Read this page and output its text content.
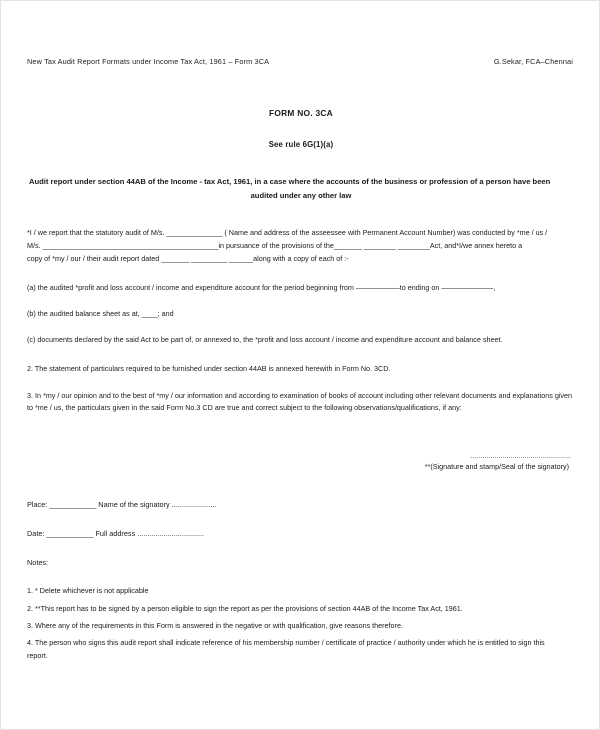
New Tax Audit Report Formats under Income Tax Act, 1961 – Form 3CA	G.Sekar, FCA–Chennai
FORM NO. 3CA
See rule 6G(1)(a)
Audit report under section 44AB of the Income - tax Act, 1961, in a case where the accounts of the business or profession of a person have been
audited under any other law
*I / we report that the statutory audit of M/s. ______________ ( Name and address of the asseessee with Permanent Account Number) was conducted by *me / us /
M/s. ____________________________________________in pursuance of the provisions of the_______ ________ ________Act, and*I/we annex hereto a
copy of *my / our / their audit report dated _______ _________ ______along with a copy of each of :-
(a) the audited *profit and loss account / income and expenditure account for the period beginning from –––––––––––to ending on –––––––––––––,
(b) the audited balance sheet as at, ____; and
(c) documents declared by the said Act to be part of, or annexed to, the *profit and loss account / income and expenditure account and balance sheet.
2. The statement of particulars required to be furnished under section 44AB is annexed herewith in Form No. 3CD.
3. In *my / our opinion and to the best of *my / our information and according to examination of books of account including other relevant documents and explanations given to *me / us, the particulars given in the said Form No.3 CD are true and correct subject to the following observations/qualifications, if any:
..................................................
**(Signature and stamp/Seal of the signatory)
Place: ____________ Name of the signatory ......................
Date: ____________ Full address .................................
Notes:
1. * Delete whichever is not applicable
2. **This report has to be signed by a person eligible to sign the report as per the provisions of section 44AB of the Income Tax Act, 1961.
3. Where any of the requirements in this Form is answered in the negative or with qualification, give reasons therefore.
4. The person who signs this audit report shall indicate reference of his membership number / certificate of practice / authority under which he is entitled to sign this
report.
